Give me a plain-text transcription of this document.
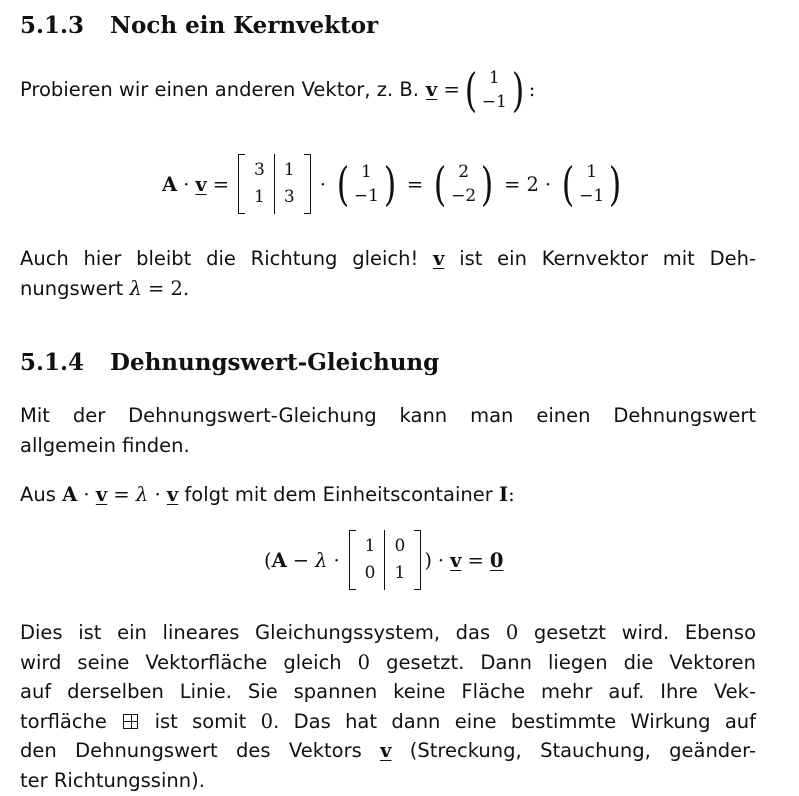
5.1.3 Noch ein Kernvektor
Probieren wir einen anderen Vektor, z. B. v = ( 1
−1 ) :
A · v =
3
1
1
3
· ( 1
−1 ) = ( 2
−2 ) = 2 · ( 1
−1 )
Auch hier bleibt die Richtung gleich! v ist ein Kernvektor mit Deh-
nungswert λ = 2.
5.1.4 Dehnungswert-Gleichung
Mit der Dehnungswert-Gleichung kann man einen Dehnungswert
allgemein finden.
Aus A · v = λ · v folgt mit dem Einheitscontainer I:
( A − λ ·
1
0
0
1
) · v = 0
Dies ist ein lineares Gleichungssystem, das 0 gesetzt wird. Ebenso
wird seine Vektorfläche gleich 0 gesetzt. Dann liegen die Vektoren
auf derselben Linie. Sie spannen keine Fläche mehr auf. Ihre Vek-
torfläche ist somit 0. Das hat dann eine bestimmte Wirkung auf
den Dehnungswert des Vektors v (Streckung, Stauchung, geänder-
ter Richtungssinn).
